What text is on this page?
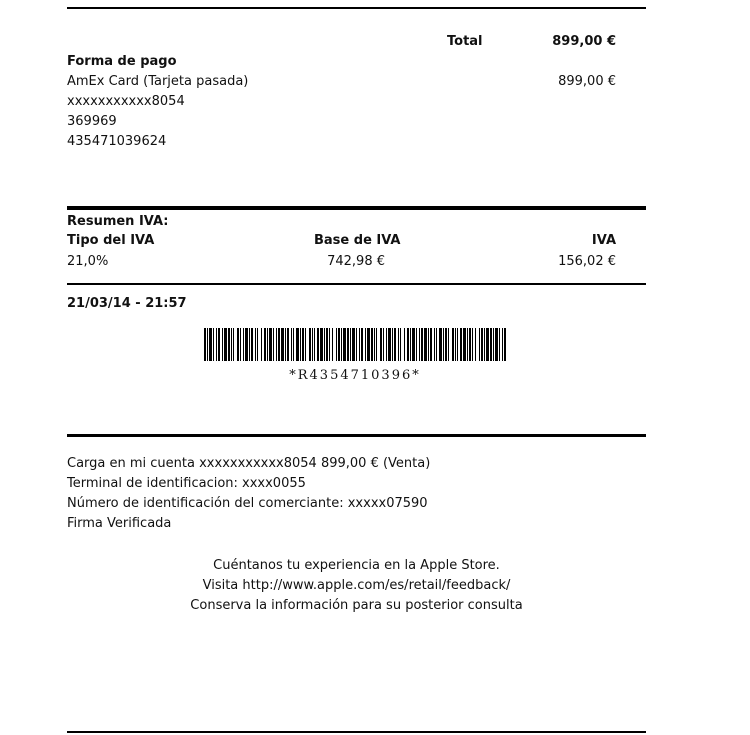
Total	899,00 €
Forma de pago
AmEx Card (Tarjeta pasada)	899,00 €
xxxxxxxxxxx8054
369969
435471039624
Resumen IVA:
Tipo del IVA	Base de IVA	IVA
21,0%	742,98 €	156,02 €
21/03/14 - 21:57
*R4354710396*
Carga en mi cuenta xxxxxxxxxxx8054 899,00 € (Venta)
Terminal de identificacion: xxxx0055
Número de identificación del comerciante: xxxxx07590
Firma Verificada
Cuéntanos tu experiencia en la Apple Store.
Visita http://www.apple.com/es/retail/feedback/
Conserva la información para su posterior consulta
